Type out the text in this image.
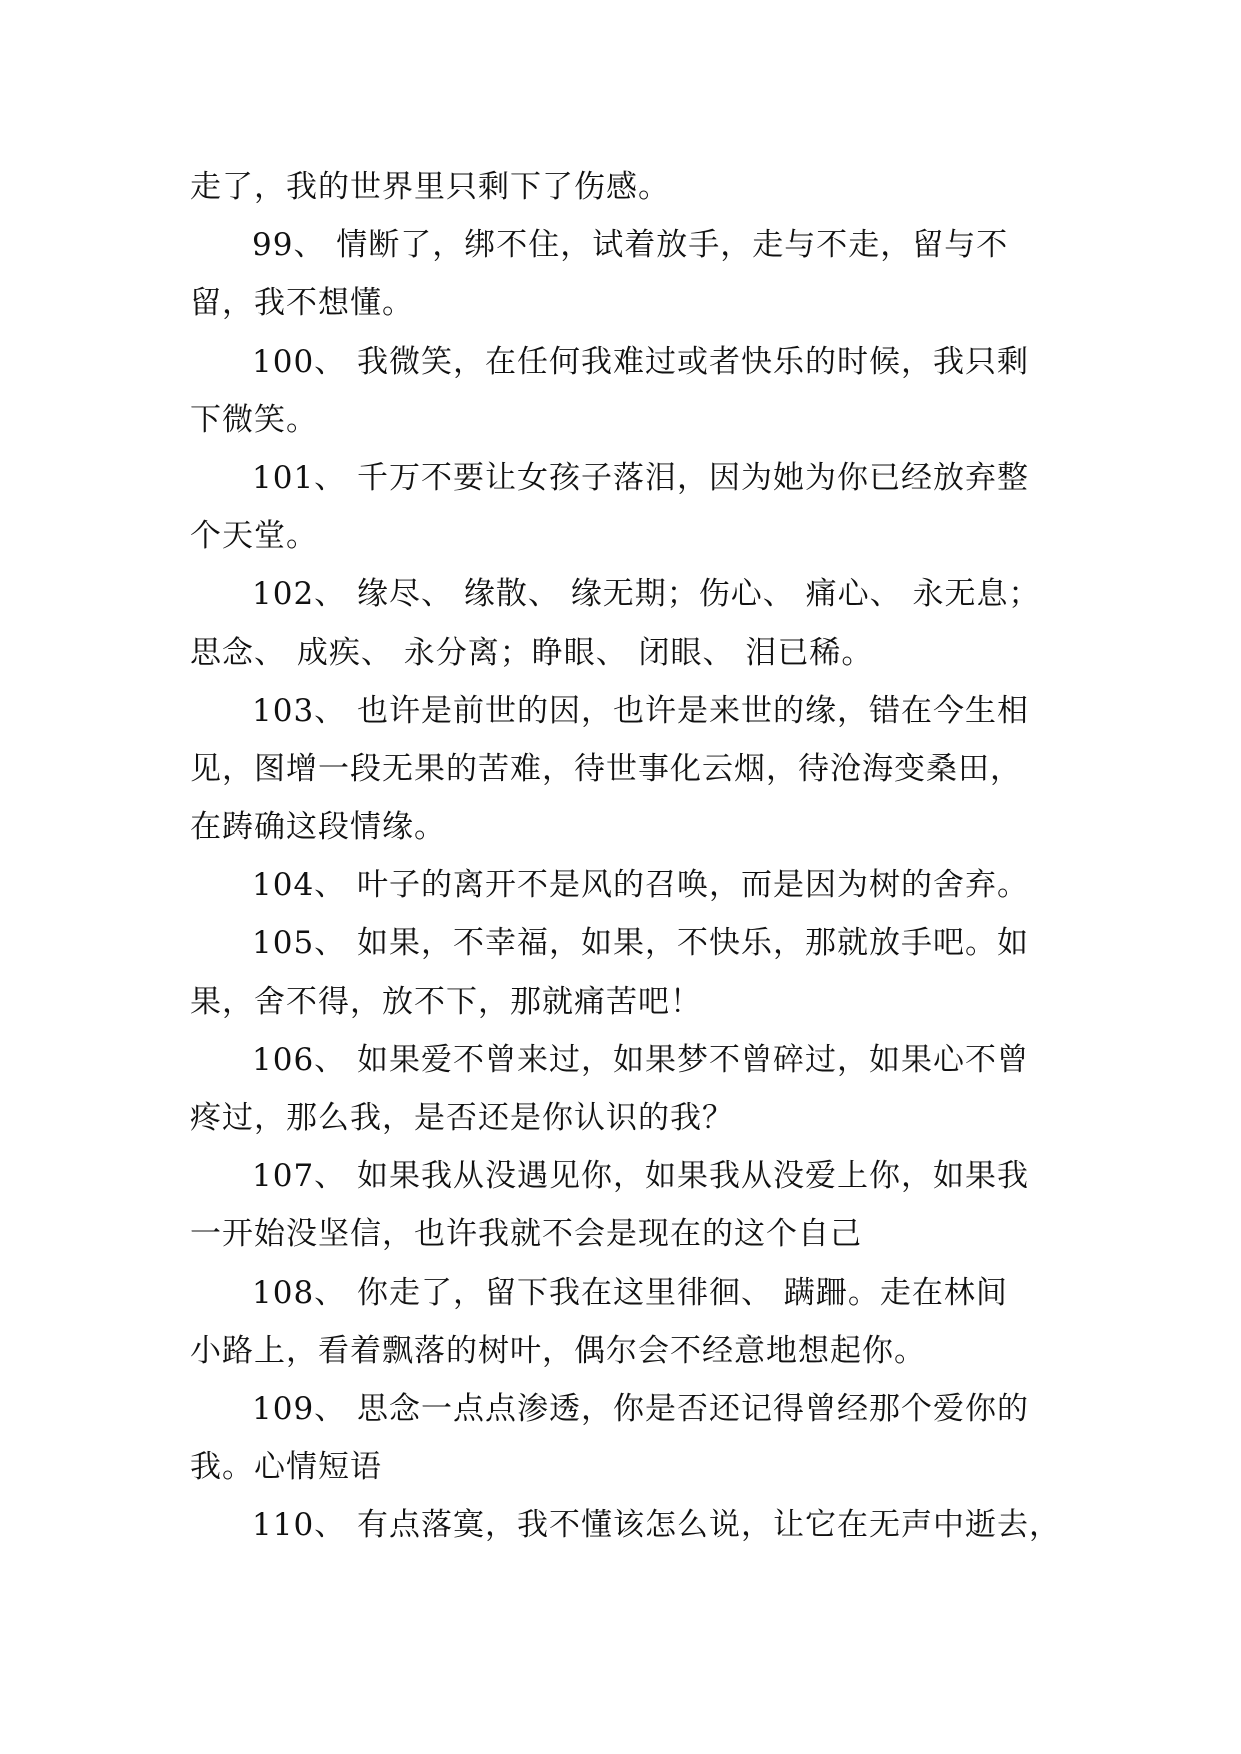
走了，我的世界里只剩下了伤感。
99、 情断了，绑不住，试着放手，走与不走，留与不
留，我不想懂。
100、 我微笑，在任何我难过或者快乐的时候，我只剩
下微笑。
101、 千万不要让女孩子落泪，因为她为你已经放弃整
个天堂。
102、 缘尽、 缘散、 缘无期；伤心、 痛心、 永无息；
思念、 成疾、 永分离；睁眼、 闭眼、 泪已稀。
103、 也许是前世的因，也许是来世的缘，错在今生相
见，图增一段无果的苦难，待世事化云烟，待沧海变桑田，
在踌确这段情缘。
104、 叶子的离开不是风的召唤，而是因为树的舍弃。
105、 如果，不幸福，如果，不快乐，那就放手吧。如
果，舍不得，放不下，那就痛苦吧！
106、 如果爱不曾来过，如果梦不曾碎过，如果心不曾
疼过，那么我，是否还是你认识的我？
107、 如果我从没遇见你，如果我从没爱上你，如果我
一开始没坚信，也许我就不会是现在的这个自己
108、 你走了，留下我在这里徘徊、 蹒跚。走在林间
小路上，看着飘落的树叶，偶尔会不经意地想起你。
109、 思念一点点渗透，你是否还记得曾经那个爱你的
我。心情短语
110、 有点落寞，我不懂该怎么说，让它在无声中逝去，
